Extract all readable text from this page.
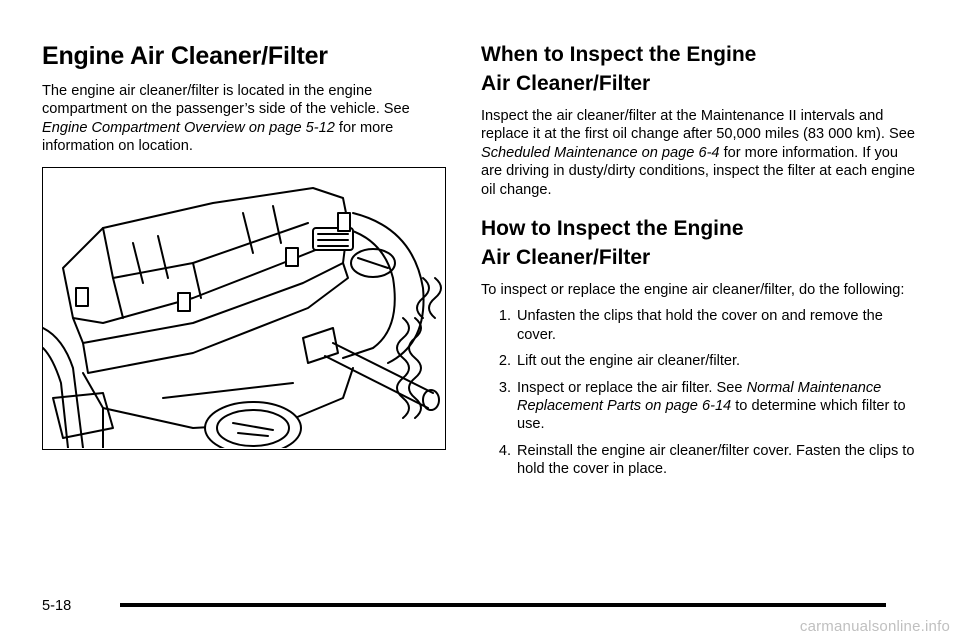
Engine Air Cleaner/Filter

The engine air cleaner/filter is located in the engine compartment on the passenger’s side of the vehicle. See Engine Compartment Overview on page 5-12 for more information on location.

When to Inspect the Engine
Air Cleaner/Filter

Inspect the air cleaner/filter at the Maintenance II intervals and replace it at the first oil change after 50,000 miles (83 000 km). See Scheduled Maintenance on page 6-4 for more information. If you are driving in dusty/dirty conditions, inspect the filter at each engine oil change.

How to Inspect the Engine
Air Cleaner/Filter

To inspect or replace the engine air cleaner/filter, do the following:

1. Unfasten the clips that hold the cover on and remove the cover.
2. Lift out the engine air cleaner/filter.
3. Inspect or replace the air filter. See Normal Maintenance Replacement Parts on page 6-14 to determine which filter to use.
4. Reinstall the engine air cleaner/filter cover. Fasten the clips to hold the cover in place.
5-18
carmanualsonline.info
